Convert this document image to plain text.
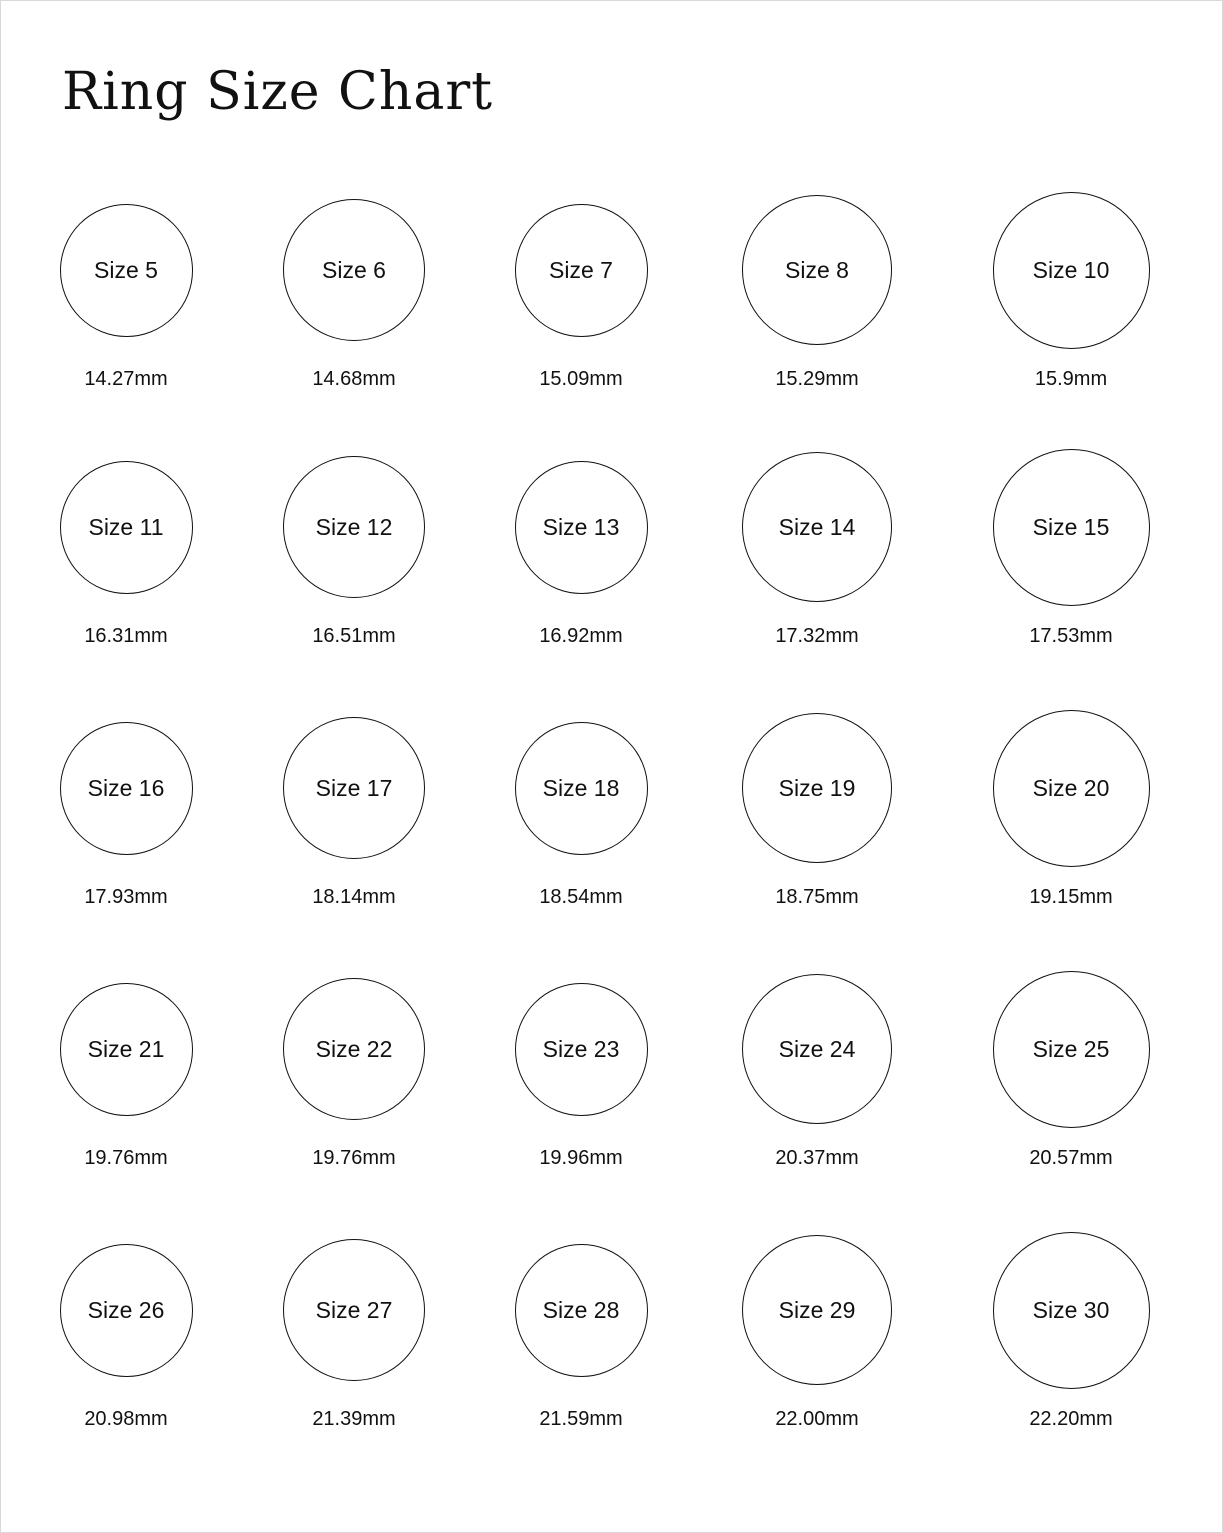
Ring Size Chart
Size 5
14.27mm
Size 6
14.68mm
Size 7
15.09mm
Size 8
15.29mm
Size 10
15.9mm
Size 11
16.31mm
Size 12
16.51mm
Size 13
16.92mm
Size 14
17.32mm
Size 15
17.53mm
Size 16
17.93mm
Size 17
18.14mm
Size 18
18.54mm
Size 19
18.75mm
Size 20
19.15mm
Size 21
19.76mm
Size 22
19.76mm
Size 23
19.96mm
Size 24
20.37mm
Size 25
20.57mm
Size 26
20.98mm
Size 27
21.39mm
Size 28
21.59mm
Size 29
22.00mm
Size 30
22.20mm
